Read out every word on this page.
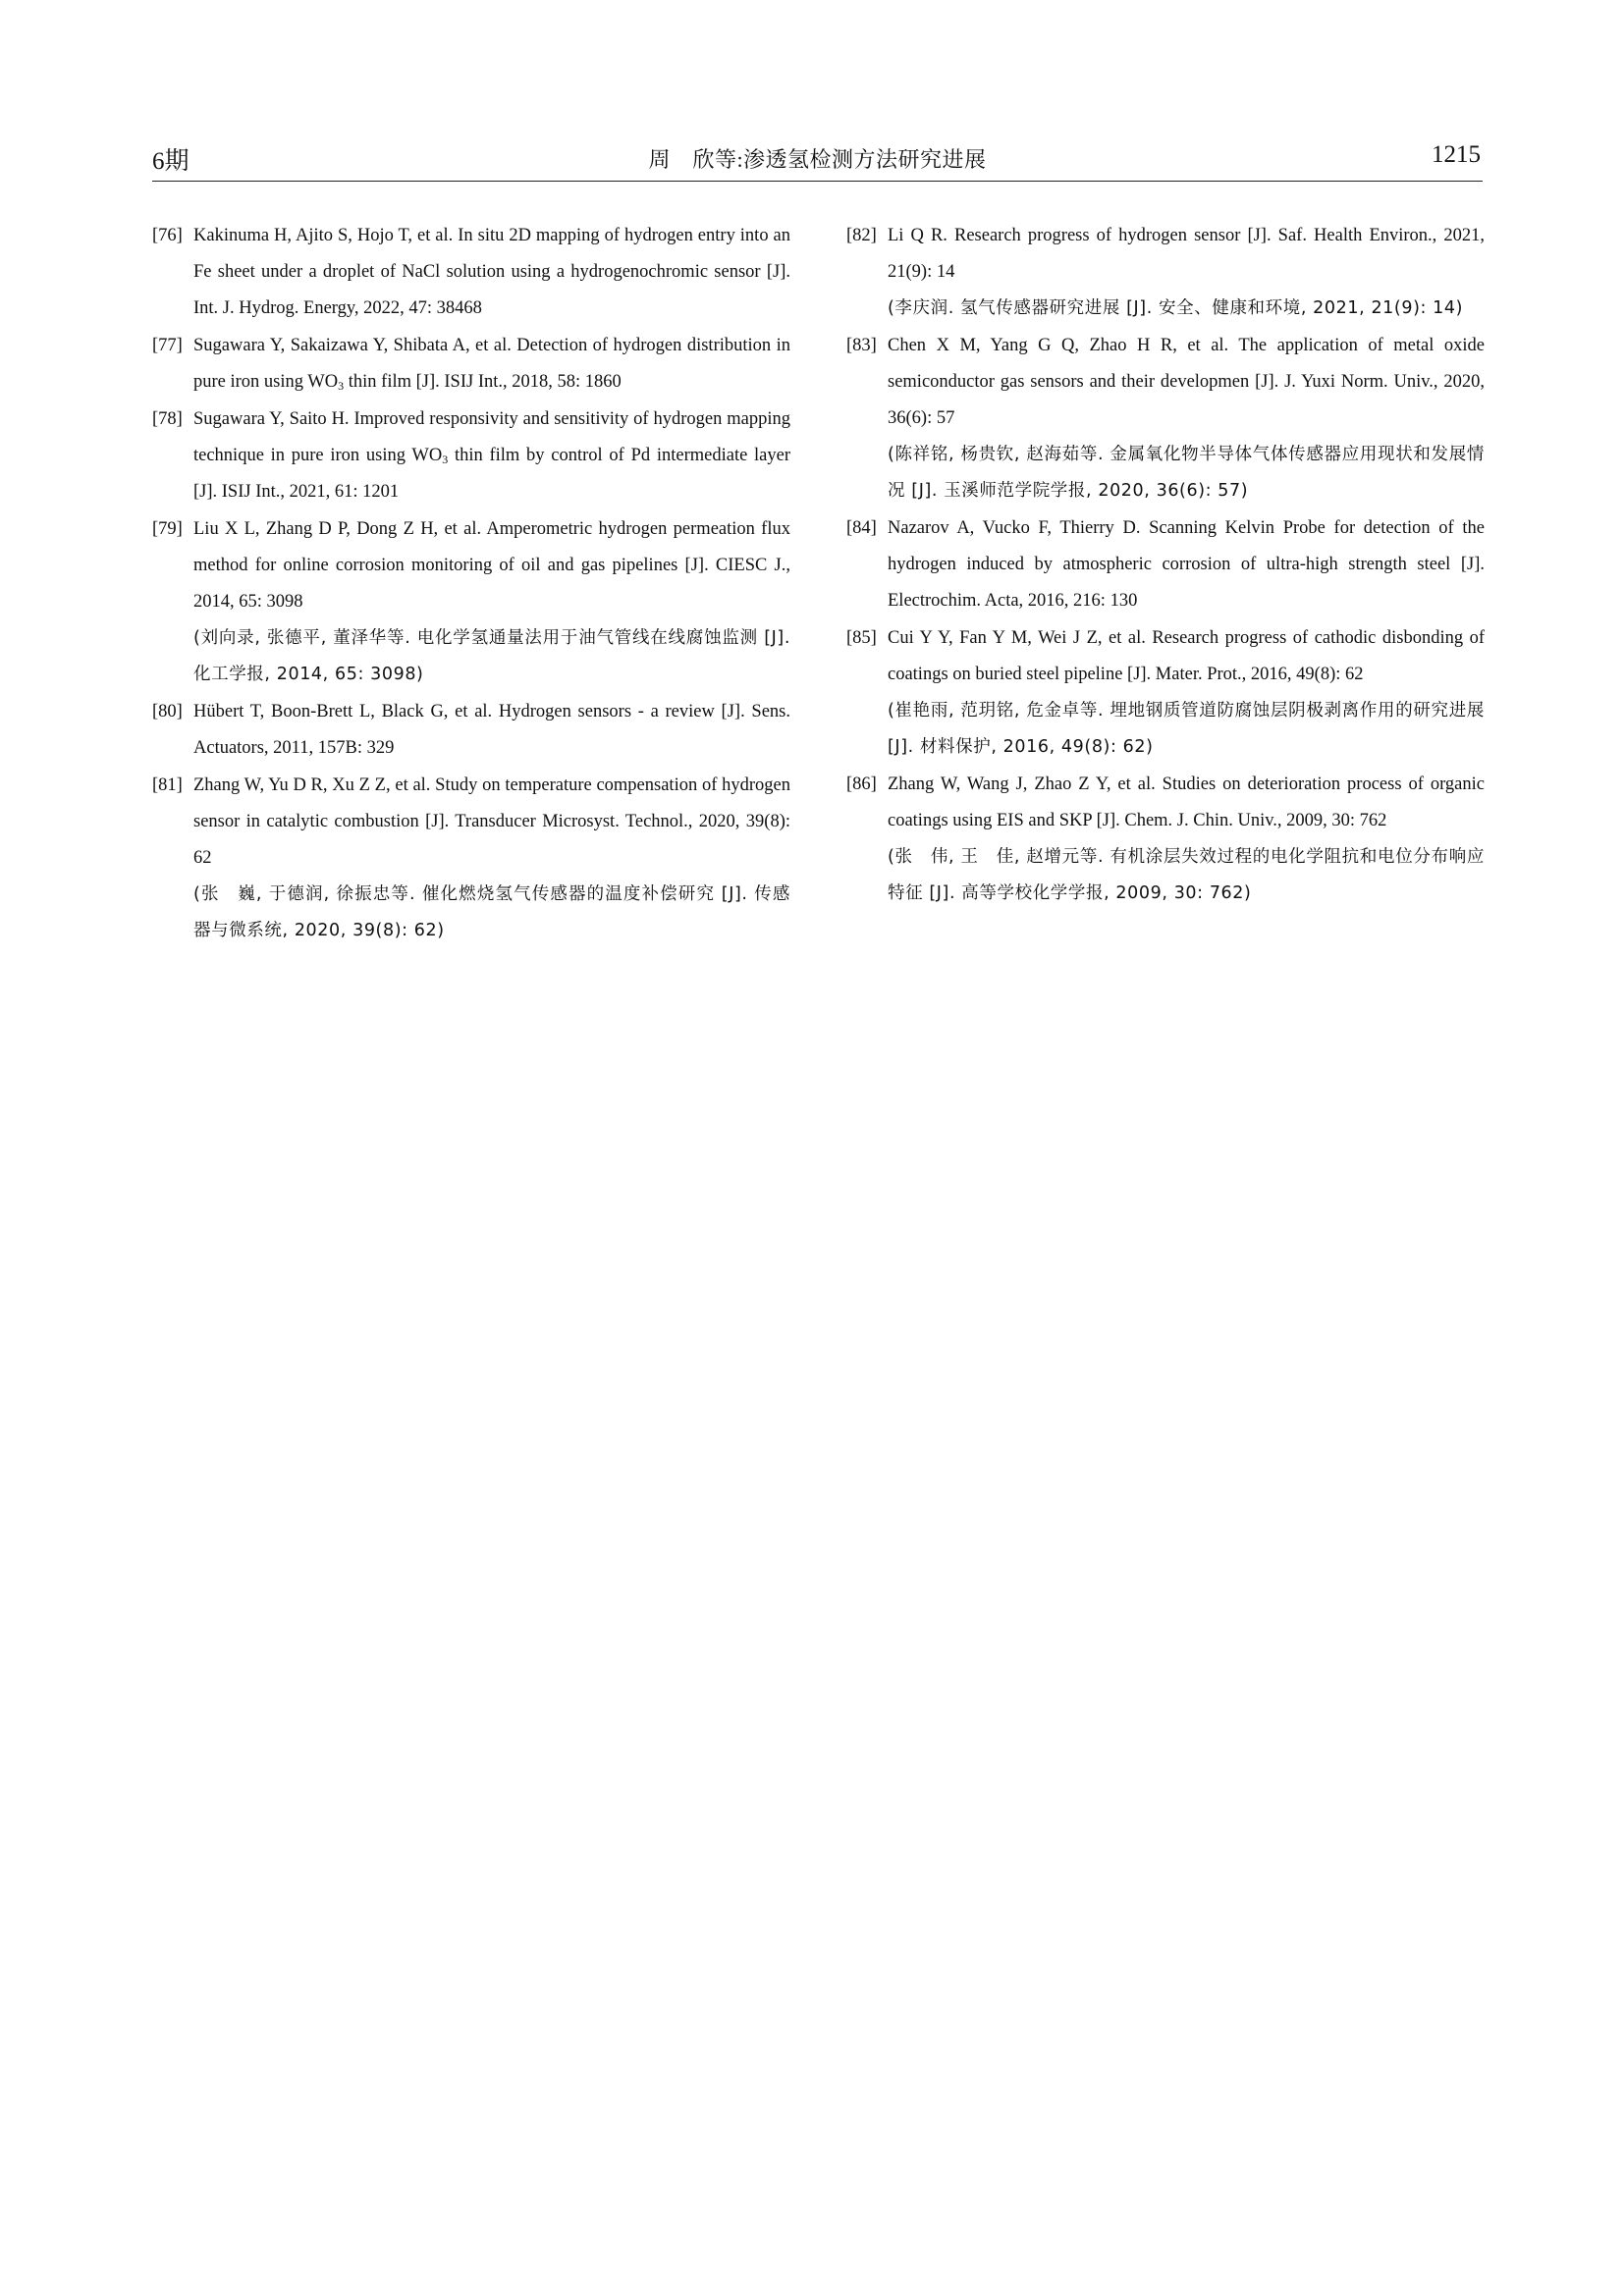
6期	周　欣等:渗透氢检测方法研究进展	1215
[76] Kakinuma H, Ajito S, Hojo T, et al. In situ 2D mapping of hydrogen entry into an Fe sheet under a droplet of NaCl solution using a hydrogenochromic sensor [J]. Int. J. Hydrog. Energy, 2022, 47: 38468
[77] Sugawara Y, Sakaizawa Y, Shibata A, et al. Detection of hydrogen distribution in pure iron using $WO_3$ thin film [J]. ISIJ Int., 2018, 58: 1860
[78] Sugawara Y, Saito H. Improved responsivity and sensitivity of hydrogen mapping technique in pure iron using $WO_3$ thin film by control of Pd intermediate layer [J]. ISIJ Int., 2021, 61: 1201
[79] Liu X L, Zhang D P, Dong Z H, et al. Amperometric hydrogen permeation flux method for online corrosion monitoring of oil and gas pipelines [J]. CIESC J., 2014, 65: 3098
(刘向录, 张德平, 董泽华等. 电化学氢通量法用于油气管线在线腐蚀监测 [J]. 化工学报, 2014, 65: 3098)
[80] Hübert T, Boon-Brett L, Black G, et al. Hydrogen sensors - a review [J]. Sens. Actuators, 2011, 157B: 329
[81] Zhang W, Yu D R, Xu Z Z, et al. Study on temperature compensation of hydrogen sensor in catalytic combustion [J]. Transducer Microsyst. Technol., 2020, 39(8): 62
(张　巍, 于德润, 徐振忠等. 催化燃烧氢气传感器的温度补偿研究 [J]. 传感器与微系统, 2020, 39(8): 62)
[82] Li Q R. Research progress of hydrogen sensor [J]. Saf. Health Environ., 2021, 21(9): 14
(李庆润. 氢气传感器研究进展 [J]. 安全、健康和环境, 2021, 21(9): 14)
[83] Chen X M, Yang G Q, Zhao H R, et al. The application of metal oxide semiconductor gas sensors and their developmen [J]. J. Yuxi Norm. Univ., 2020, 36(6): 57
(陈祥铭, 杨贵钦, 赵海茹等. 金属氧化物半导体气体传感器应用现状和发展情况 [J]. 玉溪师范学院学报, 2020, 36(6): 57)
[84] Nazarov A, Vucko F, Thierry D. Scanning Kelvin Probe for detection of the hydrogen induced by atmospheric corrosion of ultra-high strength steel [J]. Electrochim. Acta, 2016, 216: 130
[85] Cui Y Y, Fan Y M, Wei J Z, et al. Research progress of cathodic disbonding of coatings on buried steel pipeline [J]. Mater. Prot., 2016, 49(8): 62
(崔艳雨, 范玥铭, 危金卓等. 埋地钢质管道防腐蚀层阴极剥离作用的研究进展 [J]. 材料保护, 2016, 49(8): 62)
[86] Zhang W, Wang J, Zhao Z Y, et al. Studies on deterioration process of organic coatings using EIS and SKP [J]. Chem. J. Chin. Univ., 2009, 30: 762
(张　伟, 王　佳, 赵增元等. 有机涂层失效过程的电化学阻抗和电位分布响应特征 [J]. 高等学校化学学报, 2009, 30: 762)
